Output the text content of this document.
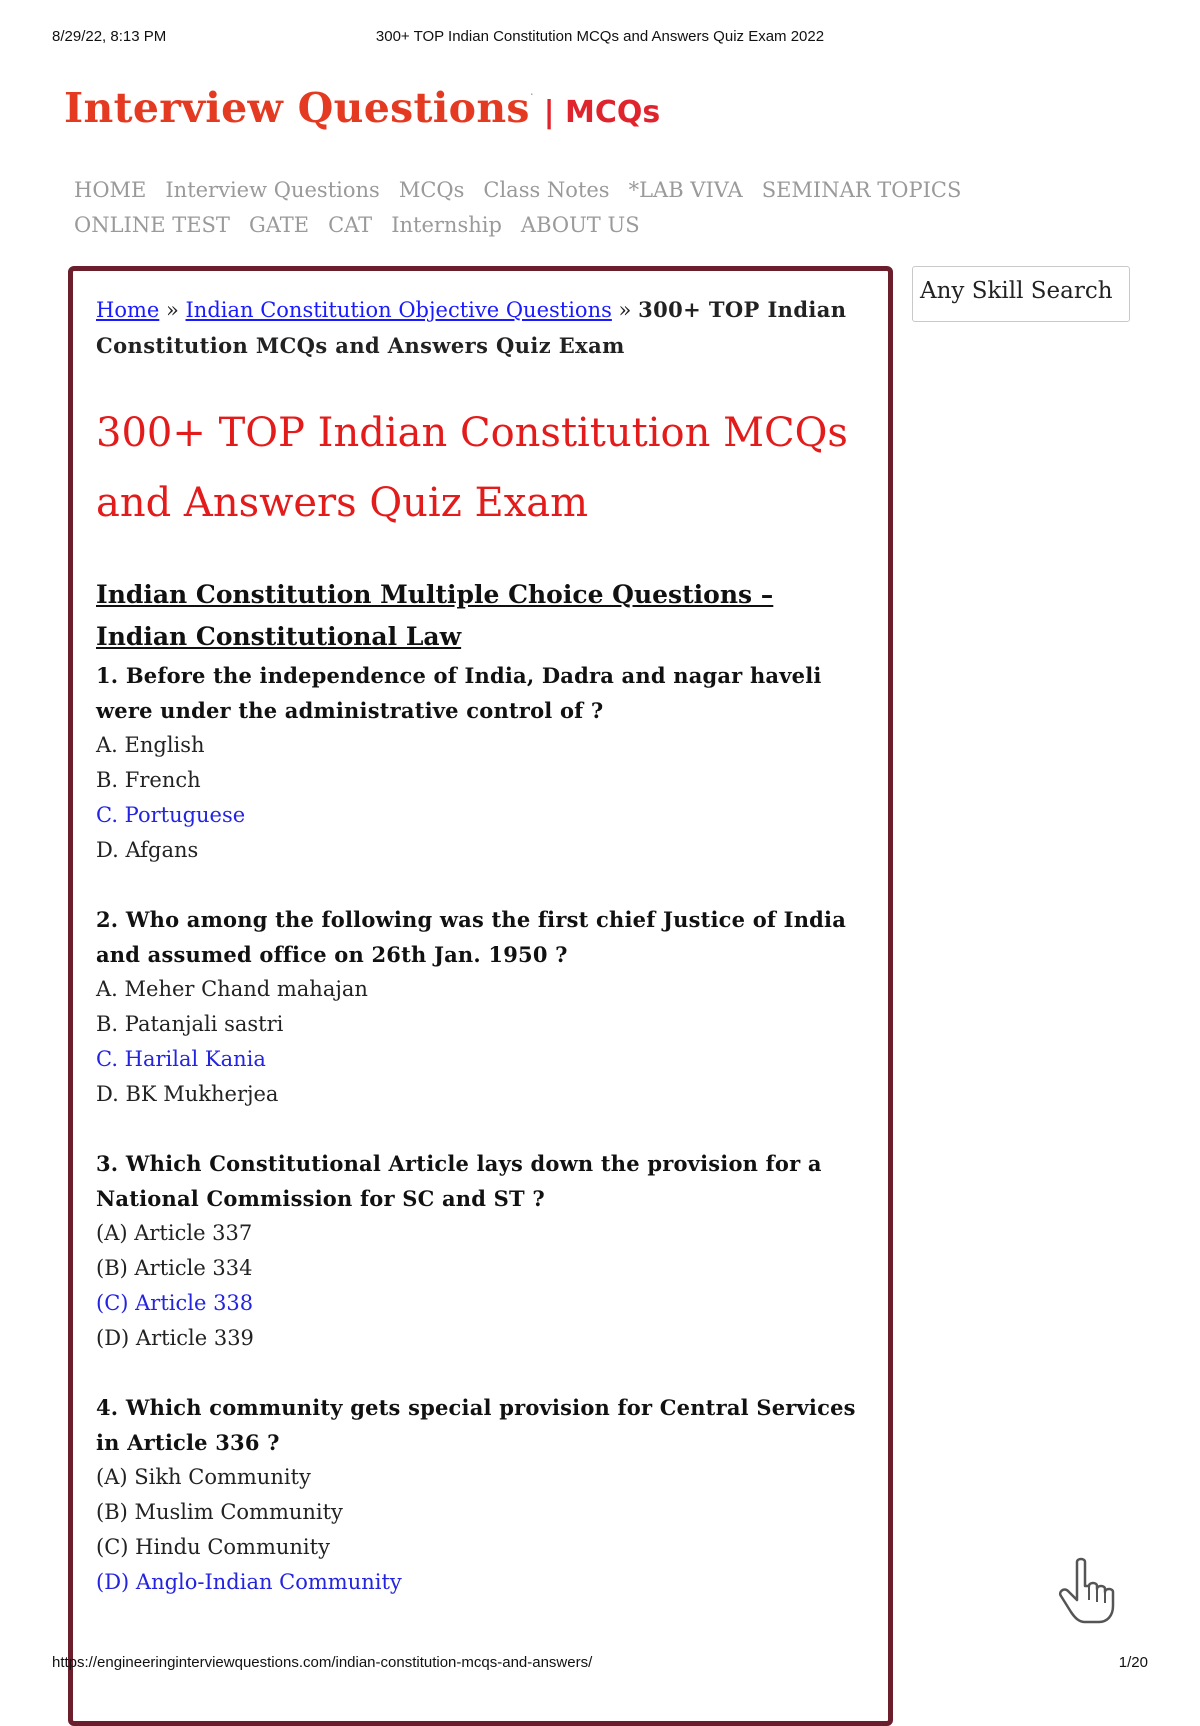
8/29/22, 8:13 PM	300+ TOP Indian Constitution MCQs and Answers Quiz Exam 2022
Interview Questions.| MCQs
HOME Interview Questions MCQs Class Notes *LAB VIVA SEMINAR TOPICS
ONLINE TEST GATE CAT Internship ABOUT US
Home » Indian Constitution Objective Questions » 300+ TOP Indian Constitution MCQs and Answers Quiz Exam
300+ TOP Indian Constitution MCQs and Answers Quiz Exam
Indian Constitution Multiple Choice Questions – Indian Constitutional Law
1. Before the independence of India, Dadra and nagar haveli were under the administrative control of ?
A. English
B. French
C. Portuguese
D. Afgans
2. Who among the following was the first chief Justice of India and assumed office on 26th Jan. 1950 ?
A. Meher Chand mahajan
B. Patanjali sastri
C. Harilal Kania
D. BK Mukherjea
3. Which Constitutional Article lays down the provision for a National Commission for SC and ST ?
(A) Article 337
(B) Article 334
(C) Article 338
(D) Article 339
4. Which community gets special provision for Central Services in Article 336 ?
(A) Sikh Community
(B) Muslim Community
(C) Hindu Community
(D) Anglo-Indian Community
Any Skill Search
https://engineeringinterviewquestions.com/indian-constitution-mcqs-and-answers/	1/20
